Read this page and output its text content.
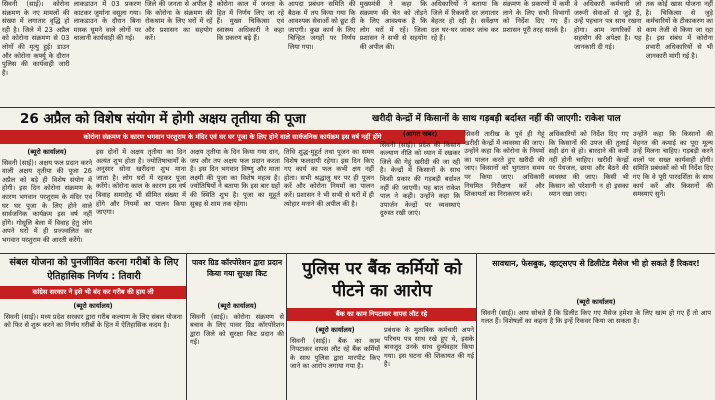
सिवनी (साई)। कोरोना संक्रमण के नए मामलों की संख्या में लगातार वृद्धि हो रही है। जिले में 23 अप्रैल को कोरोना संक्रमण से 03 लोगों की मृत्यु हुई। डाउन और कोरोना कर्फ्यू के दौरान पुलिस की कार्यवाही जारी है।
लाकडाउन में 03 प्रकरण काटकर जुर्माना वसूला गया। लाकडाउन के दौरान बिना मास्क घूमने वाले लोगों पर चालानी कार्यवाही की गई।
जिले की जनता से अपील है कि कोरोना के संक्रमण की रोकथाम के लिए घरों में रहें और प्रशासन का सहयोग करें।
कोरोना काल में जनता के हित में निर्णय लिए जा रहे हैं। मुख्य चिकित्सा एवं स्वास्थ्य अधिकारी ने कहा कि प्रकरण बढ़े हैं।
आपदा प्रबंधन समिति की बैठक में तय किया गया कि आवश्यक सेवाओं को छूट दी जाएगी। कुछ कार्य के लिए चिन्हित जगहों पर निर्णय लिया गया।
मुख्यमंत्री ने कहा कि संक्रमण की चेन को तोड़ने के लिए आवश्यक है कि लोग घरों में रहें। जिला प्रशासन ने सभी से सहयोग की अपील की।
अधिकारियों ने बताया कि जिले में रिकवरी दर लगातार बेहतर हो रही है। सर्वेक्षण दल घर-घर जाकर जांच कर रहे हैं।
संक्रमण के प्रकरणों में कमी लाने के लिए सभी विभागों को निर्देश दिए गए हैं। प्रशासन पूरी तरह सतर्क है।
वे अधिकारी कर्मचारी जो जरूरी सेवाओं से जुड़े हैं, उन्हें पहचान पत्र साथ रखना होगा। आम नागरिकों से सहयोग की अपेक्षा है। यह जानकारी दी गई।
तक कोई खास योजना नहीं है। चिकित्सा से जुड़े कर्मचारियों के टीकाकरण का काम तेजी से किया जा रहा है। इस संबंध में कोरोना प्रभारी अधिकारियों से भी जानकारी मांगी गई है।
26 अप्रैल को विशेष संयोग में होगी अक्षय तृतीया की पूजा
कोरोना संक्रमण के कारण भगवान परशुराम के मंदिर एवं घर घर पूजा के लिए होने वाले सार्वजनिक कार्यक्रम इस वर्ष नहीं होंगे
खरीदी केन्द्रों में किसानों के साथ गड़बड़ी बर्दाश्त नहीं की जाएगी: राकेश पाल

(ब्यूरो कार्यालय)

सिवनी (साई)। अक्षय फल प्रदान करने वाली अक्षय तृतीया की पूजा 26 अप्रैल को बड़े ही विशेष संयोग में होगी। इस दिन कोरोना संक्रमण के कारण भगवान परशुराम के मंदिर एवं घर घर पूजा के लिए होने वाले सार्वजनिक कार्यक्रम इस वर्ष नहीं होंगे। गोधूलि बेला में विवाह हेतु लोग अपने घरों में ही प्रज्ज्वलित कर भगवान परशुराम की आरती करेंगे।

इस दोनों में अक्षय तृतीया का दिन अत्यंत शुभ होता है। ज्योतिषाचार्यों के अनुसार सोना खरीदना शुभ माना जाता है। लोग घरों में रहकर पूजा करेंगे। कोरोना काल के कारण इस वर्ष विवाह समारोह भी सीमित संख्या में होंगे और नियमों का पालन किया जाएगा।
अक्षय तृतीया के दिन किया गया दान, जप और तप अक्षय फल प्रदान करता है। इस दिन भगवान विष्णु और माता लक्ष्मी की पूजा का विशेष महत्व है। ज्योतिषियों ने बताया कि इस बार ग्रहों की स्थिति शुभ है। पूजा का मुहूर्त सुबह से शाम तक रहेगा।
तिथि शुद्ध-मुहूर्त तथा पूजन का समय विशेष फलदायी रहेगा। इस दिन किए गए कार्य का फल कभी क्षय नहीं होता। सभी श्रद्धालु घर पर ही पूजन करें और कोरोना नियमों का पालन करें। प्रशासन ने भी सभी से घरों में ही त्योहार मनाने की अपील की है।

(आगत खबर)

सिवनी (साई)। प्रदेश की किसान कल्याण नीति को ध्यान में रखकर जिले की गेहूं खरीदी की जा रही है। केन्द्रों में किसानों के साथ किसी प्रकार की गड़बड़ी बर्दाश्त नहीं की जाएगी। यह बात राकेश पाल ने कही। उन्होंने कहा कि उपार्जन केन्द्रों पर व्यवस्थाएं दुरुस्त रखी जाएं।

सिवनी तारीख के पूर्व ही गेहूं खरीदी केन्द्रों में व्यवस्था की जाए। उन्होंने कहा कि कोरोना के नियमों का पालन करते हुए खरीदी की जाए। किसानों को भुगतान समय पर किया जाए। अधिकारी नियमित निरीक्षण करें और शिकायतों का निराकरण करें।
अधिकारियों को निर्देश दिए गए कि किसानों की उपज की तुलाई सही ढंग से हो। बारदाने की कमी नहीं होनी चाहिए। खरीदी केन्द्रों पर पेयजल, छाया और बैठने की व्यवस्था की जाए। किसी भी किसान को परेशानी न हो इसका ध्यान रखा जाए।
उन्होंने कहा कि किसानों की मेहनत की कमाई का पूरा मूल्य उन्हें मिलना चाहिए। गड़बड़ी करने वालों पर सख्त कार्यवाही होगी। समिति प्रबंधकों को भी निर्देश दिए गए कि वे पूरी पारदर्शिता के साथ कार्य करें और किसानों की समस्याएं सुनें।
संबल योजना को पुनर्जीवित करना गरीबों के लिए ऐतिहासिक निर्णय : तिवारी
कांग्रेस सरकार ने इसे भी बंद कर गरीब की हाय ली

(ब्यूरो कार्यालय)

सिवनी (साई)। मध्य प्रदेश सरकार द्वारा गरीब कल्याण के लिए संबल योजना को फिर से शुरू करने का निर्णय गरीबों के हित में ऐतिहासिक कदम है।

पावर ग्रिड कॉरपोरेशन द्वारा प्रदान किया गया सुरक्षा किट

(ब्यूरो कार्यालय)

सिवनी (साई)। कोरोना संक्रमण से बचाव के लिए पावर ग्रिड कॉरपोरेशन द्वारा जिले को सुरक्षा किट प्रदान की गई।

पुलिस पर बैंक कर्मियों को पीटने का आरोप
बैंक का काम निपटाकर वापस लौट रहे

(ब्यूरो कार्यालय)

सिवनी (साई)। बैंक का काम निपटाकर वापस लौट रहे बैंक कर्मियों के साथ पुलिस द्वारा मारपीट किए जाने का आरोप लगाया गया है।

प्रबंधक के मुताबिक कर्मचारी अपने परिचय पत्र साथ रखे हुए थे, इसके बावजूद उनके साथ दुर्व्यवहार किया गया। इस घटना की शिकायत की गई है।
सावधान, फेसबुक, व्हाट्सएप से डिलीटेड मैसेज भी हो सकते हैं रिकवर!

(ब्यूरो कार्यालय)

सिवनी (साई)। आप सोचते हैं कि डिलीट किए गए मैसेज हमेशा के लिए खत्म हो गए हैं तो आप गलत हैं। विशेषज्ञों का कहना है कि इन्हें रिकवर किया जा सकता है।
